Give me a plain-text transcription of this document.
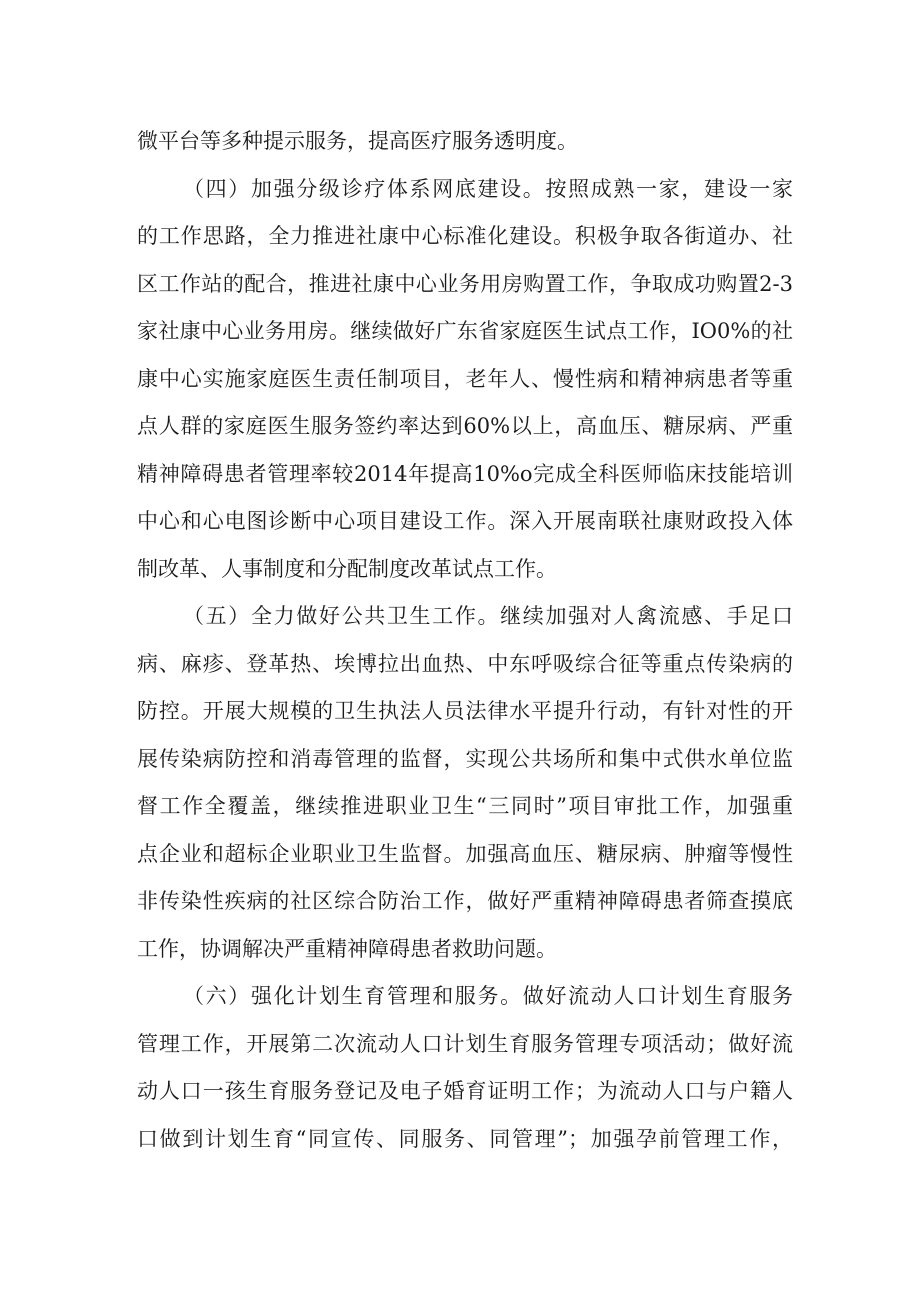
微平台等多种提示服务，提高医疗服务透明度。
（四）加强分级诊疗体系网底建设。按照成熟一家，建设一家
的工作思路，全力推进社康中心标准化建设。积极争取各街道办、社
区工作站的配合，推进社康中心业务用房购置工作，争取成功购置2-3
家社康中心业务用房。继续做好广东省家庭医生试点工作，IO0%的社
康中心实施家庭医生责任制项目，老年人、慢性病和精神病患者等重
点人群的家庭医生服务签约率达到60%以上，高血压、糖尿病、严重
精神障碍患者管理率较2014年提高10%o完成全科医师临床技能培训
中心和心电图诊断中心项目建设工作。深入开展南联社康财政投入体
制改革、人事制度和分配制度改革试点工作。
（五）全力做好公共卫生工作。继续加强对人禽流感、手足口
病、麻疹、登革热、埃博拉出血热、中东呼吸综合征等重点传染病的
防控。开展大规模的卫生执法人员法律水平提升行动，有针对性的开
展传染病防控和消毒管理的监督，实现公共场所和集中式供水单位监
督工作全覆盖，继续推进职业卫生“三同时”项目审批工作，加强重
点企业和超标企业职业卫生监督。加强高血压、糖尿病、肿瘤等慢性
非传染性疾病的社区综合防治工作，做好严重精神障碍患者筛查摸底
工作，协调解决严重精神障碍患者救助问题。
（六）强化计划生育管理和服务。做好流动人口计划生育服务
管理工作，开展第二次流动人口计划生育服务管理专项活动；做好流
动人口一孩生育服务登记及电子婚育证明工作；为流动人口与户籍人
口做到计划生育“同宣传、同服务、同管理”；加强孕前管理工作，
